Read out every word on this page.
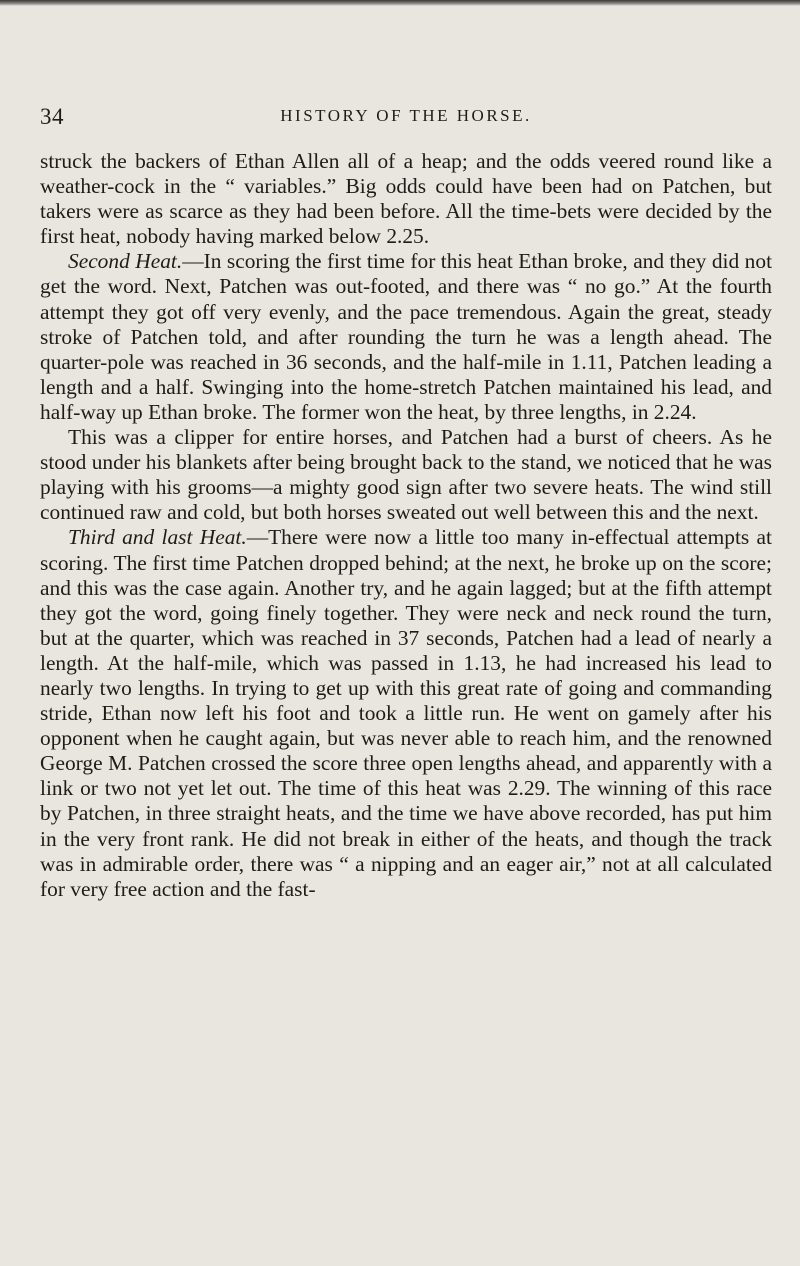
34	HISTORY OF THE HORSE.

struck the backers of Ethan Allen all of a heap; and the odds veered round like a weather-cock in the “ variables.” Big odds could have been had on Patchen, but takers were as scarce as they had been before. All the time-bets were decided by the first heat, nobody having marked below 2.25.

Second Heat.—In scoring the first time for this heat Ethan broke, and they did not get the word. Next, Patchen was out-footed, and there was “ no go.” At the fourth attempt they got off very evenly, and the pace tremendous. Again the great, steady stroke of Patchen told, and after rounding the turn he was a length ahead. The quarter-pole was reached in 36 seconds, and the half-mile in 1.11, Patchen leading a length and a half. Swinging into the home-stretch Patchen maintained his lead, and half-way up Ethan broke. The former won the heat, by three lengths, in 2.24.

This was a clipper for entire horses, and Patchen had a burst of cheers. As he stood under his blankets after being brought back to the stand, we noticed that he was playing with his grooms—a mighty good sign after two severe heats. The wind still continued raw and cold, but both horses sweated out well between this and the next.

Third and last Heat.—There were now a little too many in-effectual attempts at scoring. The first time Patchen dropped behind; at the next, he broke up on the score; and this was the case again. Another try, and he again lagged; but at the fifth attempt they got the word, going finely together. They were neck and neck round the turn, but at the quarter, which was reached in 37 seconds, Patchen had a lead of nearly a length. At the half-mile, which was passed in 1.13, he had increased his lead to nearly two lengths. In trying to get up with this great rate of going and commanding stride, Ethan now left his foot and took a little run. He went on gamely after his opponent when he caught again, but was never able to reach him, and the renowned George M. Patchen crossed the score three open lengths ahead, and apparently with a link or two not yet let out. The time of this heat was 2.29. The winning of this race by Patchen, in three straight heats, and the time we have above recorded, has put him in the very front rank. He did not break in either of the heats, and though the track was in admirable order, there was “ a nipping and an eager air,” not at all calculated for very free action and the fast-
